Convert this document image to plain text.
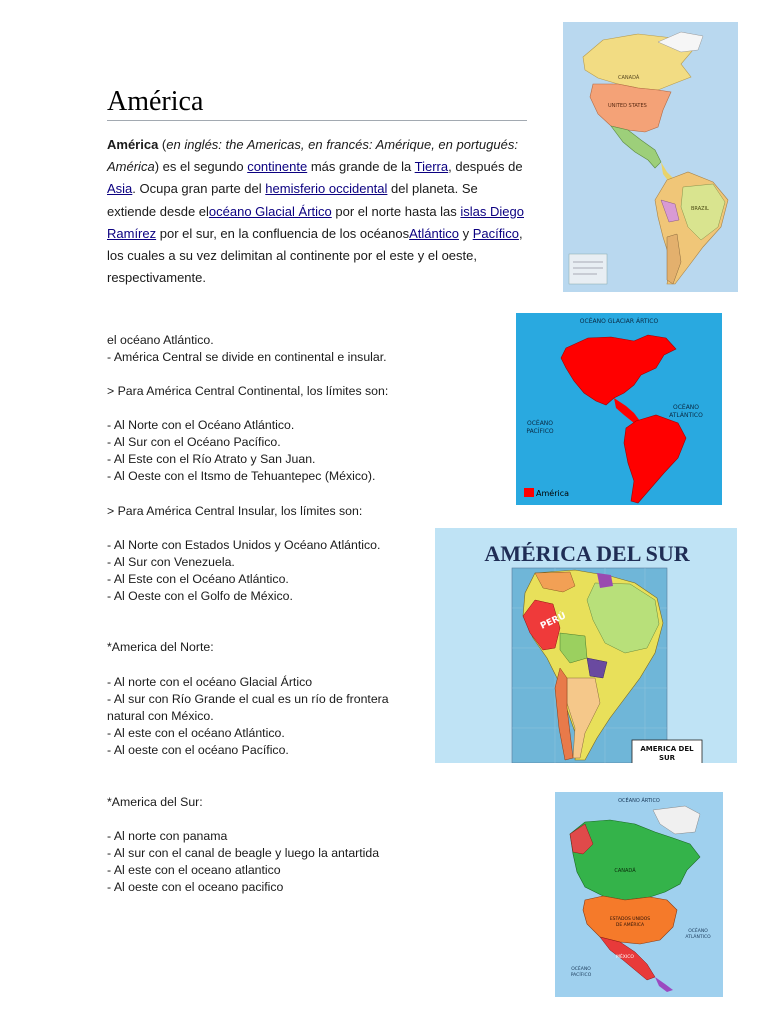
América

América (en inglés: the Americas, en francés: Amérique, en portugués: América) es el segundo continente más grande de la Tierra, después de Asia. Ocupa gran parte del hemisferio occidental del planeta. Se extiende desde elocéano Glacial Ártico por el norte hasta las islas Diego Ramírez por el sur, en la confluencia de los océanosAtlántico y Pacífico, los cuales a su vez delimitan al continente por el este y el oeste, respectivamente.

el océano Atlántico.
- América Central se divide en continental e insular.
> Para América Central Continental, los límites son:
- Al Norte con el Océano Atlántico.
- Al Sur con el Océano Pacífico.
- Al Este con el Río Atrato y San Juan.
- Al Oeste con el Itsmo de Tehuantepec (México).
> Para América Central Insular, los límites son:
- Al Norte con Estados Unidos y Océano Atlántico.
- Al Sur con Venezuela.
- Al Este con el Océano Atlántico.
- Al Oeste con el Golfo de México.
*America del Norte:
- Al norte con el océano Glacial Ártico
- Al sur con Río Grande el cual es un río de frontera
natural con México.
- Al este con el océano Atlántico.
- Al oeste con el océano Pacífico.
*America del Sur:
- Al norte con panama
- Al sur con el canal de beagle y luego la antartida
- Al este con el oceano atlantico
- Al oeste con el oceano pacifico
CANADÁ
UNITED STATES
BRAZIL
OCÉANO GLACIAR ÁRTICO
OCÉANO
PACÍFICO
OCÉANO
ATLÁNTICO
América
AMÉRICA DEL SUR
PERÚ
AMERICA DEL
SUR
OCÉANO ÁRTICO
CANADÁ
ESTADOS UNIDOS
DE AMÉRICA
MÉXICO
OCÉANO
ATLÁNTICO
OCÉANO
PACÍFICO
